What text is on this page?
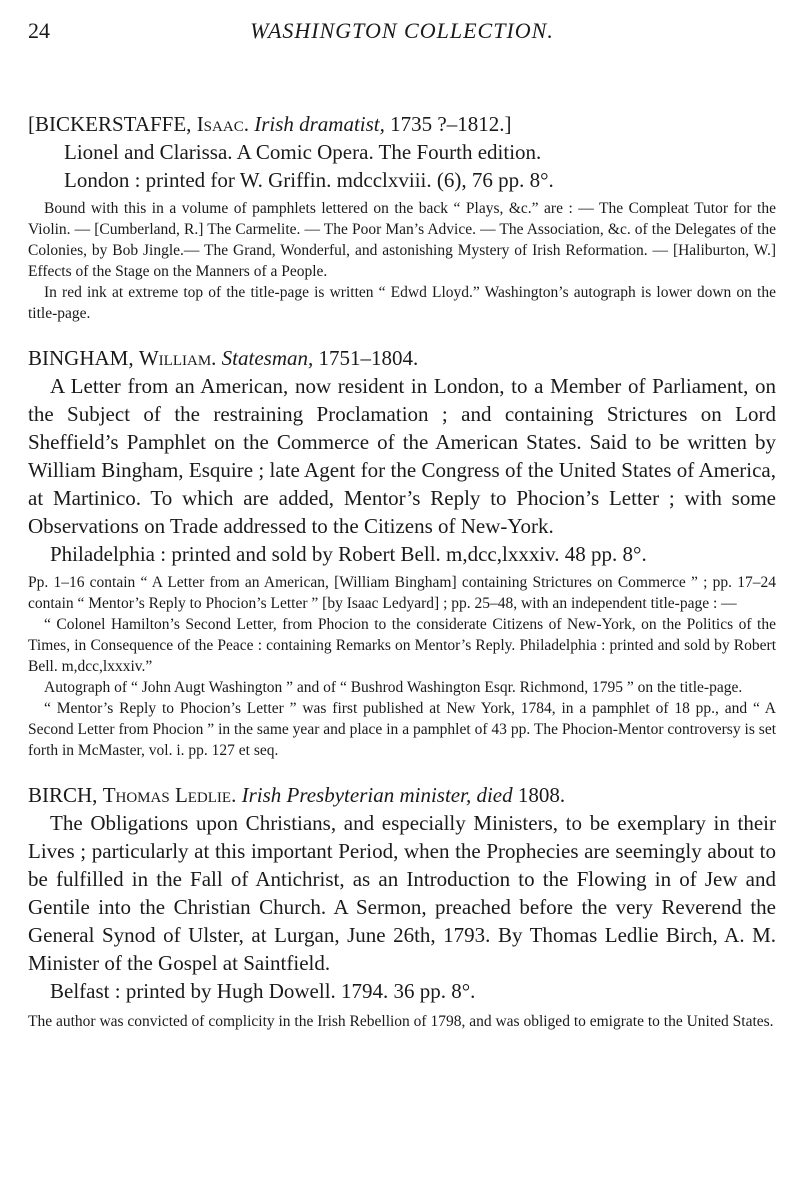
24	WASHINGTON COLLECTION.

[BICKERSTAFFE, Isaac. Irish dramatist, 1735 ?–1812.]

Lionel and Clarissa. A Comic Opera. The Fourth edition.

London : printed for W. Griffin. mdcclxviii. (6), 76 pp. 8°.

Bound with this in a volume of pamphlets lettered on the back “ Plays, &c.” are : — The Compleat Tutor for the Violin. — [Cumberland, R.] The Carmelite. — The Poor Man’s Advice. — The Association, &c. of the Delegates of the Colonies, by Bob Jingle.— The Grand, Wonderful, and astonishing Mystery of Irish Reformation. — [Haliburton, W.] Effects of the Stage on the Manners of a People.

In red ink at extreme top of the title-page is written “ Edwd Lloyd.” Washington’s autograph is lower down on the title-page.

BINGHAM, William. Statesman, 1751–1804.

A Letter from an American, now resident in London, to a Member of Parliament, on the Subject of the restraining Proclamation ; and containing Strictures on Lord Sheffield’s Pamphlet on the Commerce of the American States. Said to be written by William Bingham, Esquire ; late Agent for the Congress of the United States of America, at Martinico. To which are added, Mentor’s Reply to Phocion’s Letter ; with some Observations on Trade addressed to the Citizens of New-York.

Philadelphia : printed and sold by Robert Bell. m,dcc,lxxxiv. 48 pp. 8°.

Pp. 1–16 contain “ A Letter from an American, [William Bingham] containing Strictures on Commerce ” ; pp. 17–24 contain “ Mentor’s Reply to Phocion’s Letter ” [by Isaac Ledyard] ; pp. 25–48, with an independent title-page : —

“ Colonel Hamilton’s Second Letter, from Phocion to the considerate Citizens of New-York, on the Politics of the Times, in Consequence of the Peace : containing Remarks on Mentor’s Reply. Philadelphia : printed and sold by Robert Bell. m,dcc,lxxxiv.”

Autograph of “ John Augt Washington ” and of “ Bushrod Washington Esqr. Richmond, 1795 ” on the title-page.

“ Mentor’s Reply to Phocion’s Letter ” was first published at New York, 1784, in a pamphlet of 18 pp., and “ A Second Letter from Phocion ” in the same year and place in a pamphlet of 43 pp. The Phocion-Mentor controversy is set forth in McMaster, vol. i. pp. 127 et seq.

BIRCH, Thomas Ledlie. Irish Presbyterian minister, died 1808.

The Obligations upon Christians, and especially Ministers, to be exemplary in their Lives ; particularly at this important Period, when the Prophecies are seemingly about to be fulfilled in the Fall of Antichrist, as an Introduction to the Flowing in of Jew and Gentile into the Christian Church. A Sermon, preached before the very Reverend the General Synod of Ulster, at Lurgan, June 26th, 1793. By Thomas Ledlie Birch, A. M. Minister of the Gospel at Saintfield.

Belfast : printed by Hugh Dowell. 1794. 36 pp. 8°.

The author was convicted of complicity in the Irish Rebellion of 1798, and was obliged to emigrate to the United States.
